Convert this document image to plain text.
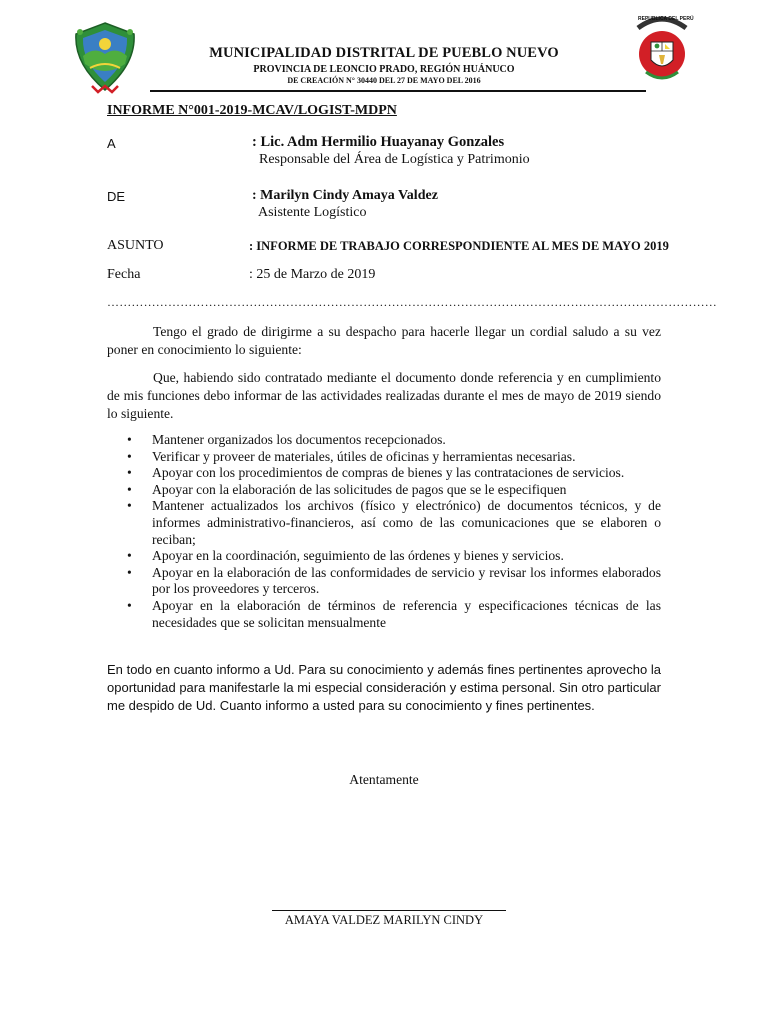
REPUBLICA DEL PERÚ
MUNICIPALIDAD DISTRITAL DE PUEBLO NUEVO
PROVINCIA DE LEONCIO PRADO, REGIÓN HUÁNUCO
DE CREACIÓN N° 30440 DEL 27 DE MAYO DEL 2016
INFORME N°001-2019-MCAV/LOGIST-MDPN
A	: Lic. Adm Hermilio Huayanay Gonzales
Responsable del Área de Logística y Patrimonio
DE	: Marilyn Cindy Amaya Valdez
Asistente Logístico
ASUNTO	: INFORME DE TRABAJO CORRESPONDIENTE AL MES DE MAYO 2019
Fecha	: 25 de Marzo de 2019
……………………………………………………………………………………………………………………………………
Tengo el grado de dirigirme a su despacho para hacerle llegar un cordial saludo a su vez poner en conocimiento lo siguiente:
Que, habiendo sido contratado mediante el documento donde referencia y en cumplimiento de mis funciones debo informar de las actividades realizadas durante el mes de mayo de 2019 siendo lo siguiente.
• Mantener organizados los documentos recepcionados.
• Verificar y proveer de materiales, útiles de oficinas y herramientas necesarias.
• Apoyar con los procedimientos de compras de bienes y las contrataciones de servicios.
• Apoyar con la elaboración de las solicitudes de pagos que se le especifiquen
• Mantener actualizados los archivos (físico y electrónico) de documentos técnicos, y de informes administrativo-financieros, así como de las comunicaciones que se elaboren o reciban;
• Apoyar en la coordinación, seguimiento de las órdenes y bienes y servicios.
• Apoyar en la elaboración de las conformidades de servicio y revisar los informes elaborados por los proveedores y terceros.
• Apoyar en la elaboración de términos de referencia y especificaciones técnicas de las necesidades que se solicitan mensualmente
En todo en cuanto informo a Ud. Para su conocimiento y además fines pertinentes aprovecho la oportunidad para manifestarle la mi especial consideración y estima personal. Sin otro particular me despido de Ud. Cuanto informo a usted para su conocimiento y fines pertinentes.
Atentamente
AMAYA VALDEZ MARILYN CINDY
